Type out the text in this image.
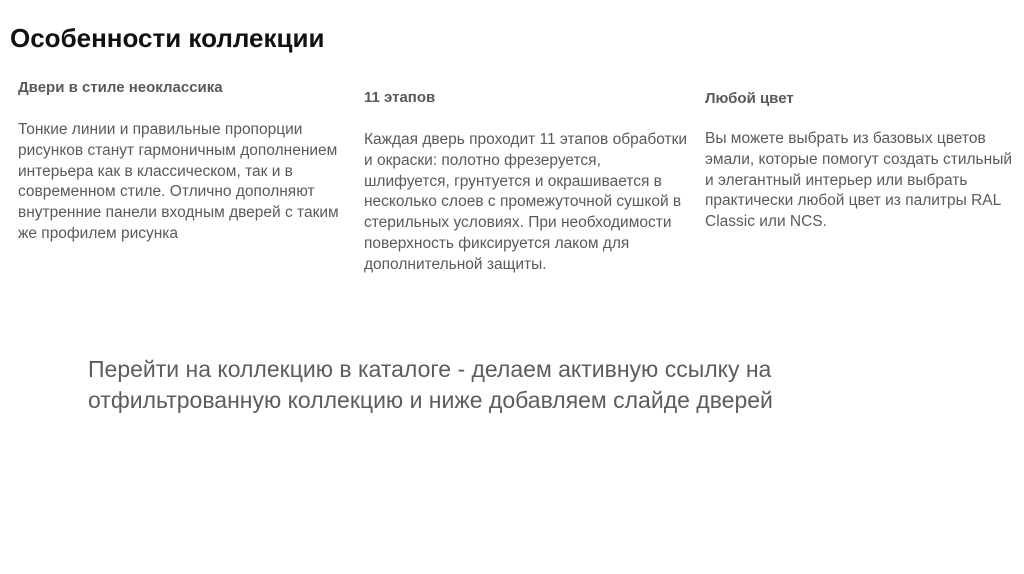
Особенности коллекции

Двери в стиле неоклассика

Тонкие линии и правильные пропорции рисунков станут гармоничным дополнением интерьера как в классическом, так и в современном стиле. Отлично дополняют внутренние панели входным дверей с таким же профилем рисунка

11 этапов

Каждая дверь проходит 11 этапов обработки и окраски: полотно фрезеруется, шлифуется, грунтуется и окрашивается в несколько слоев с промежуточной сушкой в стерильных условиях. При необходимости поверхность фиксируется лаком для дополнительной защиты.

Любой цвет

Вы можете выбрать из базовых цветов эмали, которые помогут создать стильный и элегантный интерьер или выбрать практически любой цвет из палитры RAL Classic или NCS.

Перейти на коллекцию в каталоге - делаем активную ссылку на отфильтрованную коллекцию и ниже добавляем слайде дверей
